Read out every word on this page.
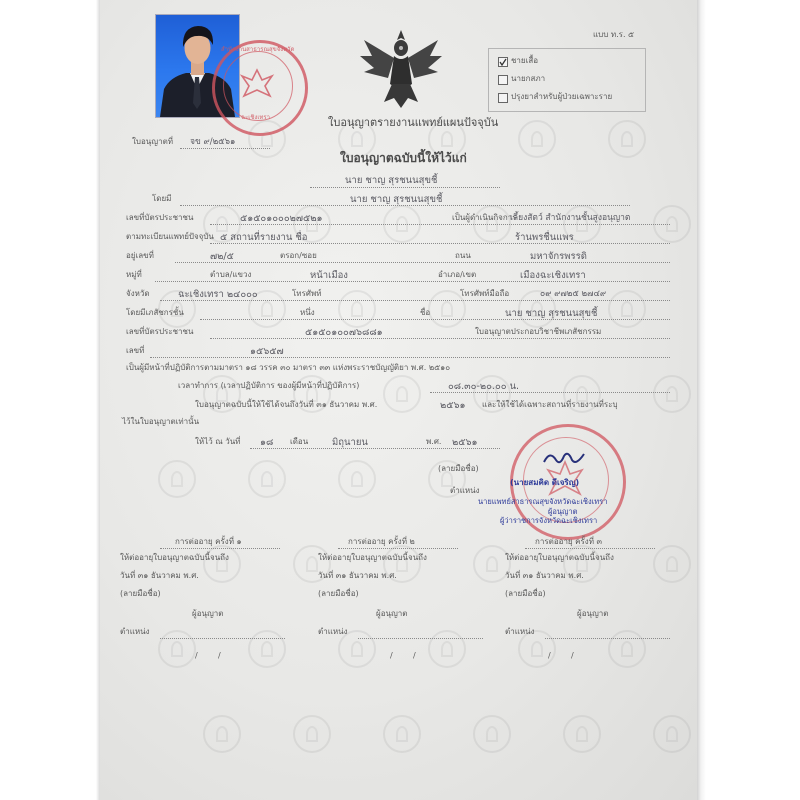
สำนักงานสาธารณสุขจังหวัด
ฉะเชิงเทรา
แบบ ท.ร. ๕
ชายเสื้อ
นายกสภา
ปรุงยาสำหรับผู้ป่วยเฉพาะราย
ใบอนุญาตรายงานแพทย์แผนปัจจุบัน
ใบอนุญาตที่ จข ๙/๒๕๖๑
ใบอนุญาตฉบับนี้ให้ไว้แก่
นาย ชาญ สุรชนนสุขชี้
โดยมี	นาย ชาญ สุรชนนสุขชี้
เลขที่บัตรประชาชน	๕๑๕๐๑๐๐๐๒๗๕๒๑	เป็นผู้ดำเนินกิจการ
เลี้ยงสัตว์ สำนักงานชั้นสูงอนุญาต
ตามทะเบียนแพทย์ปัจจุบัน ๕ สถานที่รายงาน ชื่อ	ร้านพรชื่นแพร
อยู่เลขที่	๗๒/๕	ตรอก/ซอย	ถนน	มหาจักรพรรดิ
หมู่ที่	ตำบล/แขวง	หน้าเมือง	อำเภอ/เขต	เมืองฉะเชิงเทรา
จังหวัด	ฉะเชิงเทรา ๒๔๐๐๐	โทรศัพท์	โทรศัพท์มือถือ	๐๙ ๙๗๒๕ ๒๗๔๙
โดยมีเภสัชกรชั้น	หนึ่ง	ชื่อ	นาย ชาญ สุรชนนสุขชี้
เลขที่บัตรประชาชน	๕๑๕๐๑๐๐๗๖๘๘๑	ใบอนุญาตประกอบวิชาชีพเภสัชกรรม
เลขที่	๑๕๖๕๗
เป็นผู้มีหน้าที่ปฏิบัติการตามมาตรา ๑๘ วรรค ๓๐ มาตรา ๓๓ แห่งพระราชบัญญัติยา พ.ศ. ๒๕๑๐
เวลาทำการ (เวลาปฏิบัติการ ของผู้มีหน้าที่ปฏิบัติการ)	๐๘.๓๐-๒๐.๐๐ น.
ใบอนุญาตฉบับนี้ให้ใช้ได้จนถึงวันที่ ๓๑ ธันวาคม พ.ศ.	๒๕๖๑ และให้ใช้ได้เฉพาะสถานที่รายงานที่ระบุ
ไว้ในใบอนุญาตเท่านั้น
ให้ไว้ ณ วันที่ ๑๘ เดือน	มิถุนายน	พ.ศ. ๒๕๖๑
(ลายมือชื่อ)
ตำแหน่ง
(นายสมคิด ดีเจริญ)
นายแพทย์สาธารณสุขจังหวัดฉะเชิงเทรา
ผู้อนุญาต
ผู้ว่าราชการจังหวัดฉะเชิงเทรา
การต่ออายุ ครั้งที่ ๑
ให้ต่ออายุใบอนุญาตฉบับนี้จนถึง
วันที่ ๓๑ ธันวาคม พ.ศ.
(ลายมือชื่อ)
ผู้อนุญาต
ตำแหน่ง
การต่ออายุ ครั้งที่ ๒
ให้ต่ออายุใบอนุญาตฉบับนี้จนถึง
วันที่ ๓๑ ธันวาคม พ.ศ.
(ลายมือชื่อ)
ผู้อนุญาต
ตำแหน่ง
การต่ออายุ ครั้งที่ ๓
ให้ต่ออายุใบอนุญาตฉบับนี้จนถึง
วันที่ ๓๑ ธันวาคม พ.ศ.
(ลายมือชื่อ)
ผู้อนุญาต
ตำแหน่ง
/        /	/        /	/        /
